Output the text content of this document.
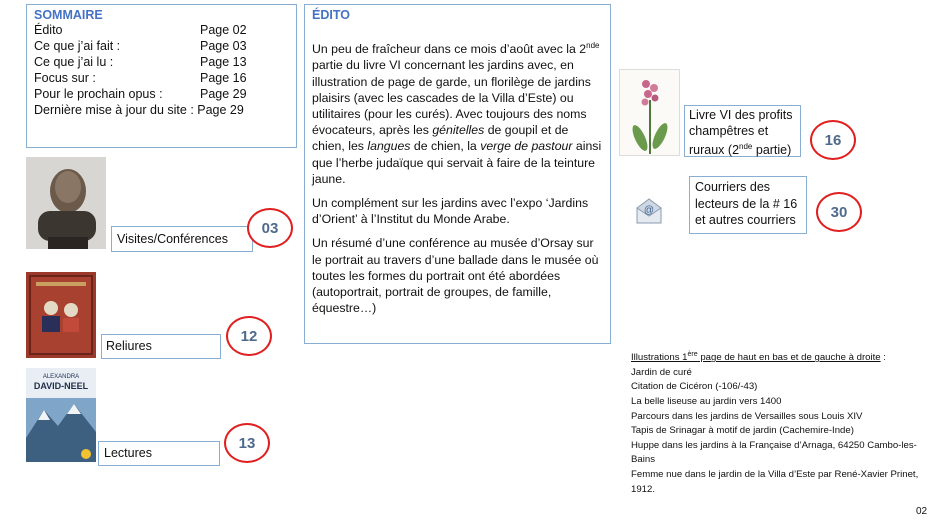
SOMMAIRE
Édito	Page 02
Ce que j’ai fait :	Page 03
Ce que j’ai lu :	Page 13
Focus sur :	Page 16
Pour le prochain opus :	Page 29
Dernière mise à jour du site : Page 29
ÉDITO

Un peu de fraîcheur dans ce mois d’août avec la 2nde partie du livre VI concernant les jardins avec, en illustration de page de garde, un florilège de jardins plaisirs (avec les cascades de la Villa d’Este) ou utilitaires (pour les curés). Avec toujours des noms évocateurs, après les génitelles de goupil et de chien, les langues de chien, la verge de pastour ainsi que l’herbe judaïque qui servait à faire de la teinture jaune.

Un complément sur les jardins avec l’expo ‘Jardins d’Orient’ à l’Institut du Monde Arabe.

Un résumé d’une conférence au musée d’Orsay sur le portrait au travers d’une ballade dans le musée où toutes les formes du portrait ont été abordées (autoportrait, portrait de groupes, de famille, équestre…)

Visites/Conférences
03
Reliures
12
ALEXANDRA
DAVID-NEEL
Lectures
13
Livre VI des profits champêtres et ruraux (2nde partie)
16
@
Courriers des lecteurs de la # 16 et autres courriers	30
Illustrations 1ère page de haut en bas et de gauche à droite :
Jardin de curé
Citation de Cicéron (-106/-43)
La belle liseuse au jardin vers 1400
Parcours dans les jardins de Versailles sous Louis XIV
Tapis de Srinagar à motif de jardin (Cachemire-Inde)
Huppe dans les jardins à la Française d’Arnaga, 64250 Cambo-les-Bains
Femme nue dans le jardin de la Villa d’Este par René-Xavier Prinet, 1912.
02
